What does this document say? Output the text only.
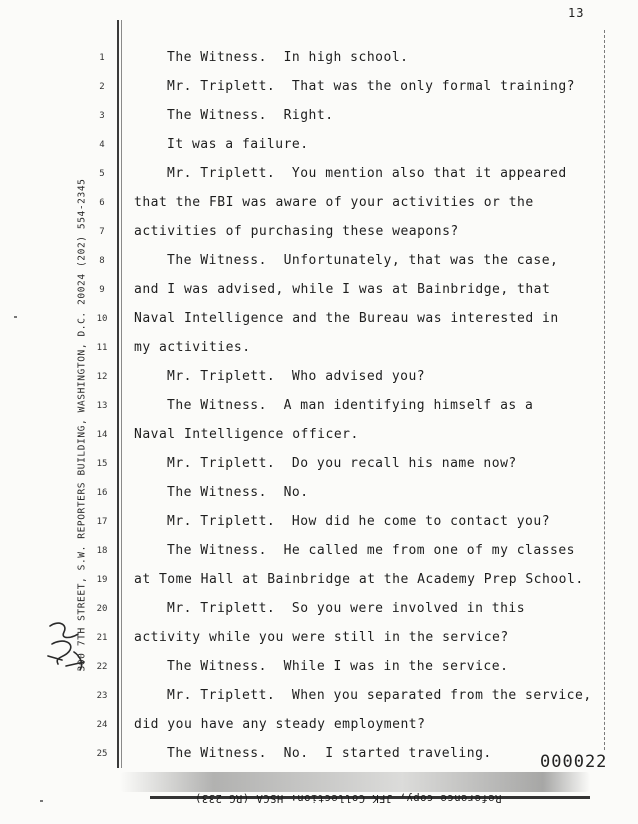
13
300 7TH STREET, S.W. REPORTERS BUILDING, WASHINGTON, D.C. 20024 (202) 554-2345
1
2
3
4
5
6
7
8
9
10
11
12
13
14
15
16
17
18
19
20
21
22
23
24
25
The Witness.  In high school.
Mr. Triplett.  That was the only formal training?
The Witness.  Right.
It was a failure.
Mr. Triplett.  You mention also that it appeared
that the FBI was aware of your activities or the
activities of purchasing these weapons?
The Witness.  Unfortunately, that was the case,
and I was advised, while I was at Bainbridge, that
Naval Intelligence and the Bureau was interested in
my activities.
Mr. Triplett.  Who advised you?
The Witness.  A man identifying himself as a
Naval Intelligence officer.
Mr. Triplett.  Do you recall his name now?
The Witness.  No.
Mr. Triplett.  How did he come to contact you?
The Witness.  He called me from one of my classes
at Tome Hall at Bainbridge at the Academy Prep School.
Mr. Triplett.  So you were involved in this
activity while you were still in the service?
The Witness.  While I was in the service.
Mr. Triplett.  When you separated from the service,
did you have any steady employment?
The Witness.  No.  I started traveling.	000022
Reference copy, JFK Collection: HSCA (RG 233)
